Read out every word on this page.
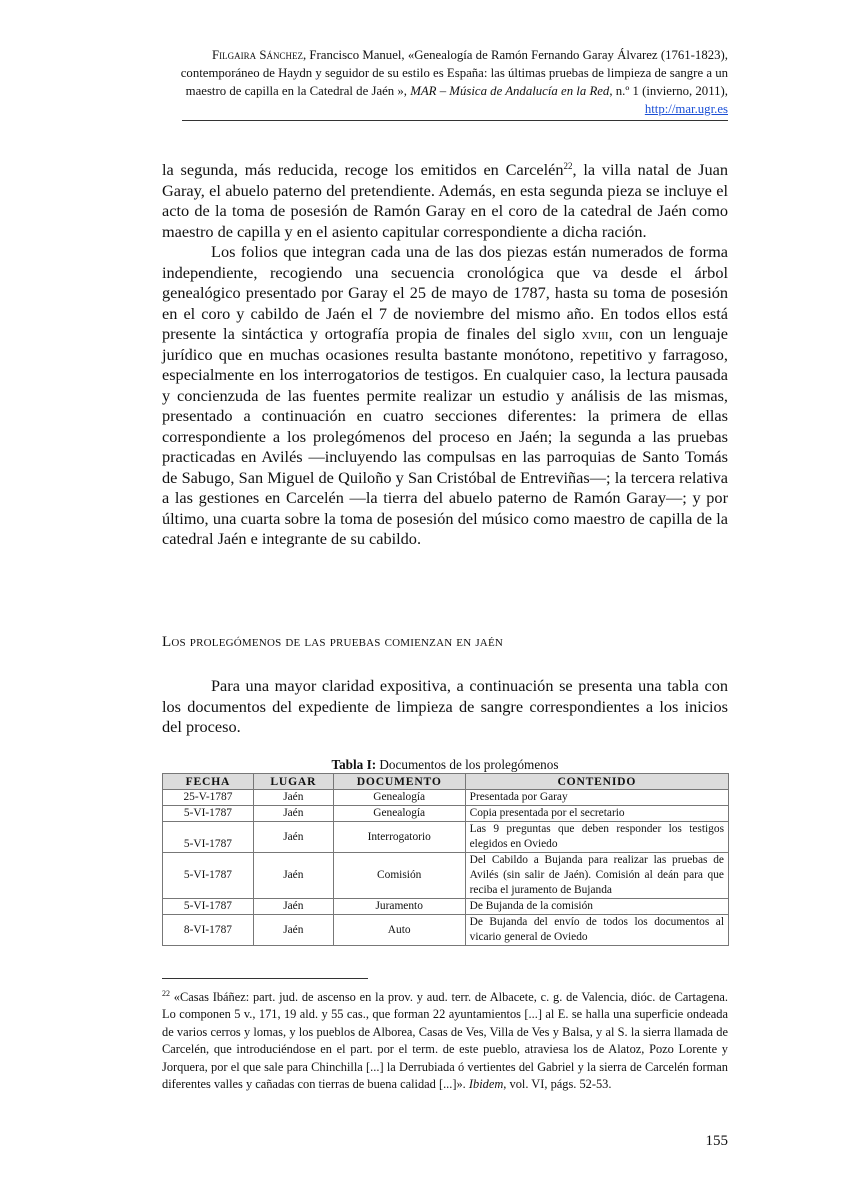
Filgaira Sánchez, Francisco Manuel, «Genealogía de Ramón Fernando Garay Álvarez (1761-1823), contemporáneo de Haydn y seguidor de su estilo es España: las últimas pruebas de limpieza de sangre a un maestro de capilla en la Catedral de Jaén », MAR – Música de Andalucía en la Red, n.º 1 (invierno, 2011), http://mar.ugr.es

la segunda, más reducida, recoge los emitidos en Carcelén$^{22}$, la villa natal de Juan Garay, el abuelo paterno del pretendiente. Además, en esta segunda pieza se incluye el acto de la toma de posesión de Ramón Garay en el coro de la catedral de Jaén como maestro de capilla y en el asiento capitular correspondiente a dicha ración.

Los folios que integran cada una de las dos piezas están numerados de forma independiente, recogiendo una secuencia cronológica que va desde el árbol genealógico presentado por Garay el 25 de mayo de 1787, hasta su toma de posesión en el coro y cabildo de Jaén el 7 de noviembre del mismo año. En todos ellos está presente la sintáctica y ortografía propia de finales del siglo xviii, con un lenguaje jurídico que en muchas ocasiones resulta bastante monótono, repetitivo y farragoso, especialmente en los interrogatorios de testigos. En cualquier caso, la lectura pausada y concienzuda de las fuentes permite realizar un estudio y análisis de las mismas, presentado a continuación en cuatro secciones diferentes: la primera de ellas correspondiente a los prolegómenos del proceso en Jaén; la segunda a las pruebas practicadas en Avilés —incluyendo las compulsas en las parroquias de Santo Tomás de Sabugo, San Miguel de Quiloño y San Cristóbal de Entreviñas—; la tercera relativa a las gestiones en Carcelén —la tierra del abuelo paterno de Ramón Garay—; y por último, una cuarta sobre la toma de posesión del músico como maestro de capilla de la catedral Jaén e integrante de su cabildo.

Los prolegómenos de las pruebas comienzan en jaén

Para una mayor claridad expositiva, a continuación se presenta una tabla con los documentos del expediente de limpieza de sangre correspondientes a los inicios del proceso.

Tabla I: Documentos de los prolegómenos
FECHA	LUGAR	DOCUMENTO	CONTENIDO
25-V-1787	Jaén	Genealogía	Presentada por Garay
5-VI-1787	Jaén	Genealogía	Copia presentada por el secretario
5-VI-1787	Jaén	Interrogatorio	Las 9 preguntas que deben responder los testigos elegidos en Oviedo
5-VI-1787	Jaén	Comisión	Del Cabildo a Bujanda para realizar las pruebas de Avilés (sin salir de Jaén). Comisión al deán para que reciba el juramento de Bujanda
5-VI-1787	Jaén	Juramento	De Bujanda de la comisión
8-VI-1787	Jaén	Auto	De Bujanda del envío de todos los documentos al vicario general de Oviedo

$^{22}$ «Casas Ibáñez: part. jud. de ascenso en la prov. y aud. terr. de Albacete, c. g. de Valencia, dióc. de Cartagena. Lo componen 5 v., 171, 19 ald. y 55 cas., que forman 22 ayuntamientos [...] al E. se halla una superficie ondeada de varios cerros y lomas, y los pueblos de Alborea, Casas de Ves, Villa de Ves y Balsa, y al S. la sierra llamada de Carcelén, que introduciéndose en el part. por el term. de este pueblo, atraviesa los de Alatoz, Pozo Lorente y Jorquera, por el que sale para Chinchilla [...] la Derrubiada ó vertientes del Gabriel y la sierra de Carcelén forman diferentes valles y cañadas con tierras de buena calidad [...]». Ibidem, vol. VI, págs. 52-53.

155
